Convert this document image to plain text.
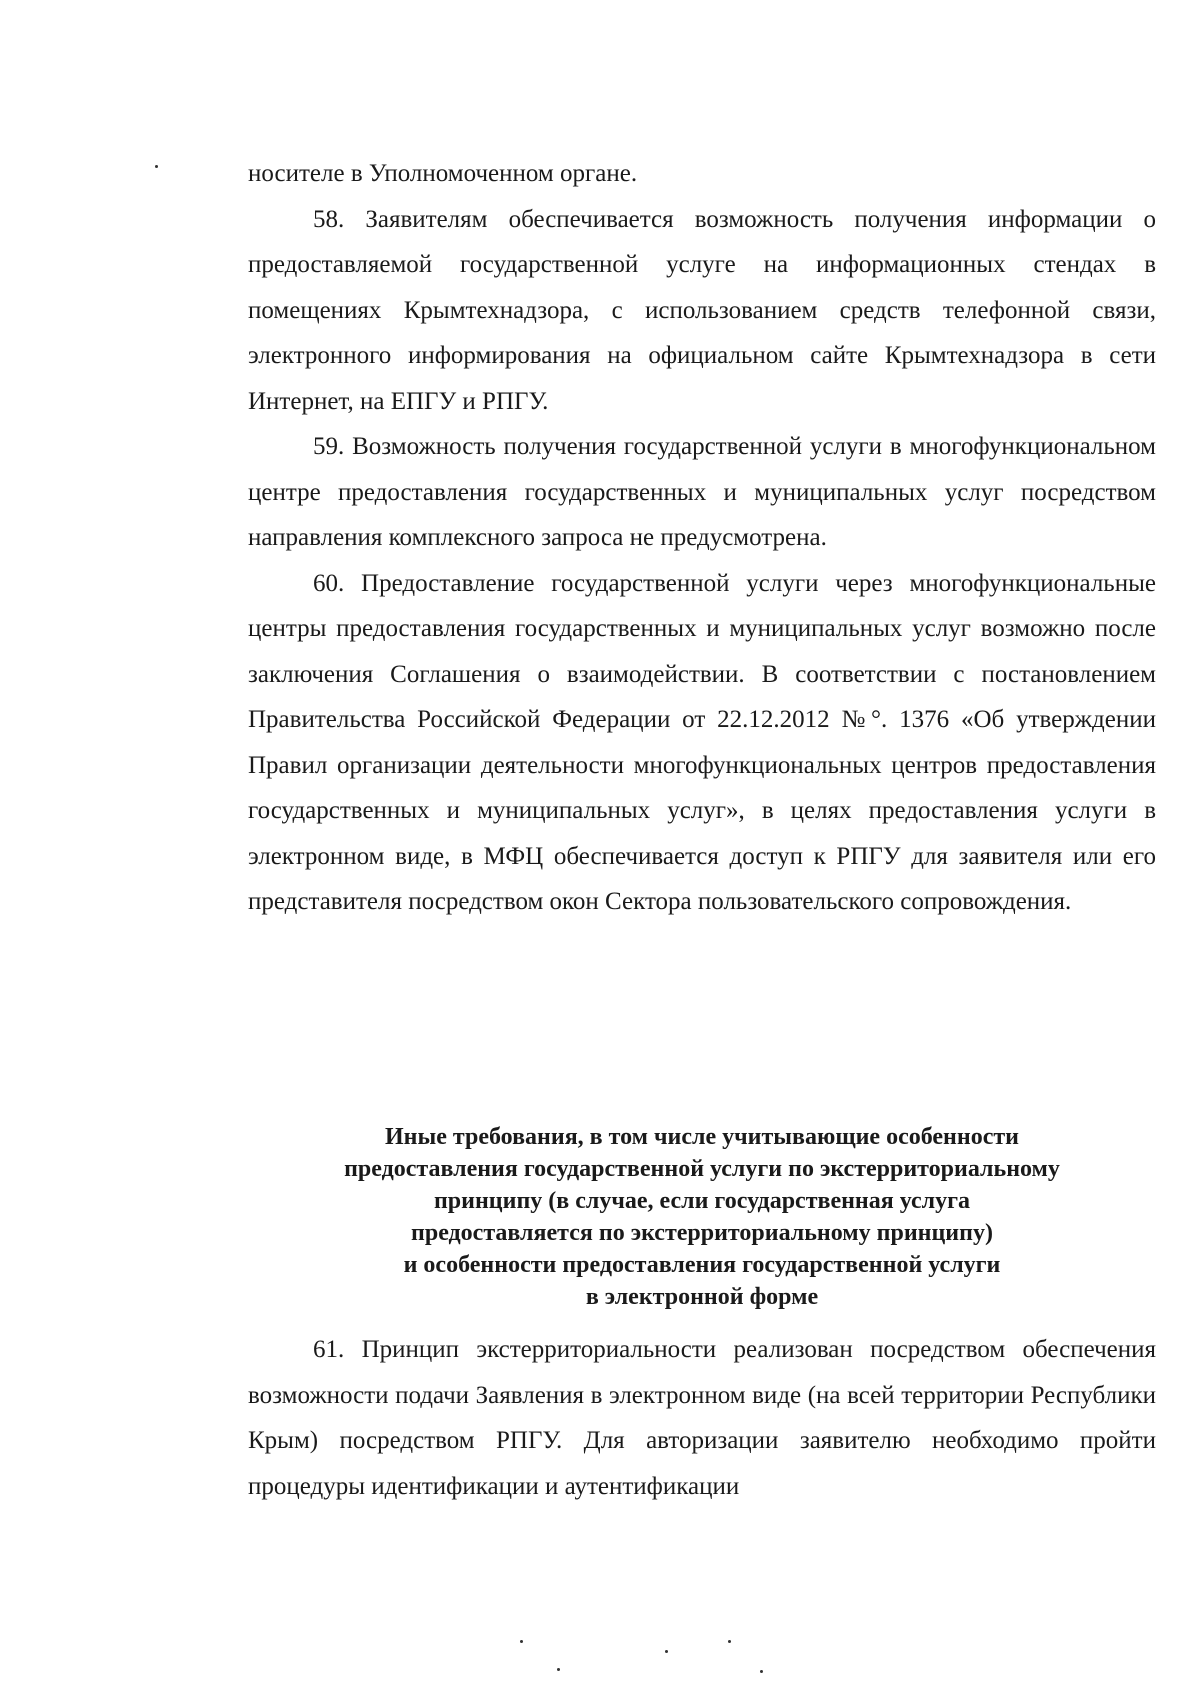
носителе в Уполномоченном органе.

58. Заявителям обеспечивается возможность получения информации о предоставляемой государственной услуге на информационных стендах в помещениях Крымтехнадзора, с использованием средств телефонной связи, электронного информирования на официальном сайте Крымтехнадзора в сети Интернет, на ЕПГУ и РПГУ.

59. Возможность получения государственной услуги в многофункциональном центре предоставления государственных и муниципальных услуг посредством направления комплексного запроса не предусмотрена.

60. Предоставление государственной услуги через многофункциональные центры предоставления государственных и муниципальных услуг возможно после заключения Соглашения о взаимодействии. В соответствии с постановлением Правительства Российской Федерации от 22.12.2012 №°. 1376 «Об утверждении Правил организации деятельности многофункциональных центров предоставления государственных и муниципальных услуг», в целях предоставления услуги в электронном виде, в МФЦ обеспечивается доступ к РПГУ для заявителя или его представителя посредством окон Сектора пользовательского сопровождения.

Иные требования, в том числе учитывающие особенности
предоставления государственной услуги по экстерриториальному
принципу (в случае, если государственная услуга
предоставляется по экстерриториальному принципу)
и особенности предоставления государственной услуги
в электронной форме

61. Принцип экстерриториальности реализован посредством обеспечения возможности подачи Заявления в электронном виде (на всей территории Республики Крым) посредством РПГУ. Для авторизации заявителю необходимо пройти процедуры идентификации и аутентификации
